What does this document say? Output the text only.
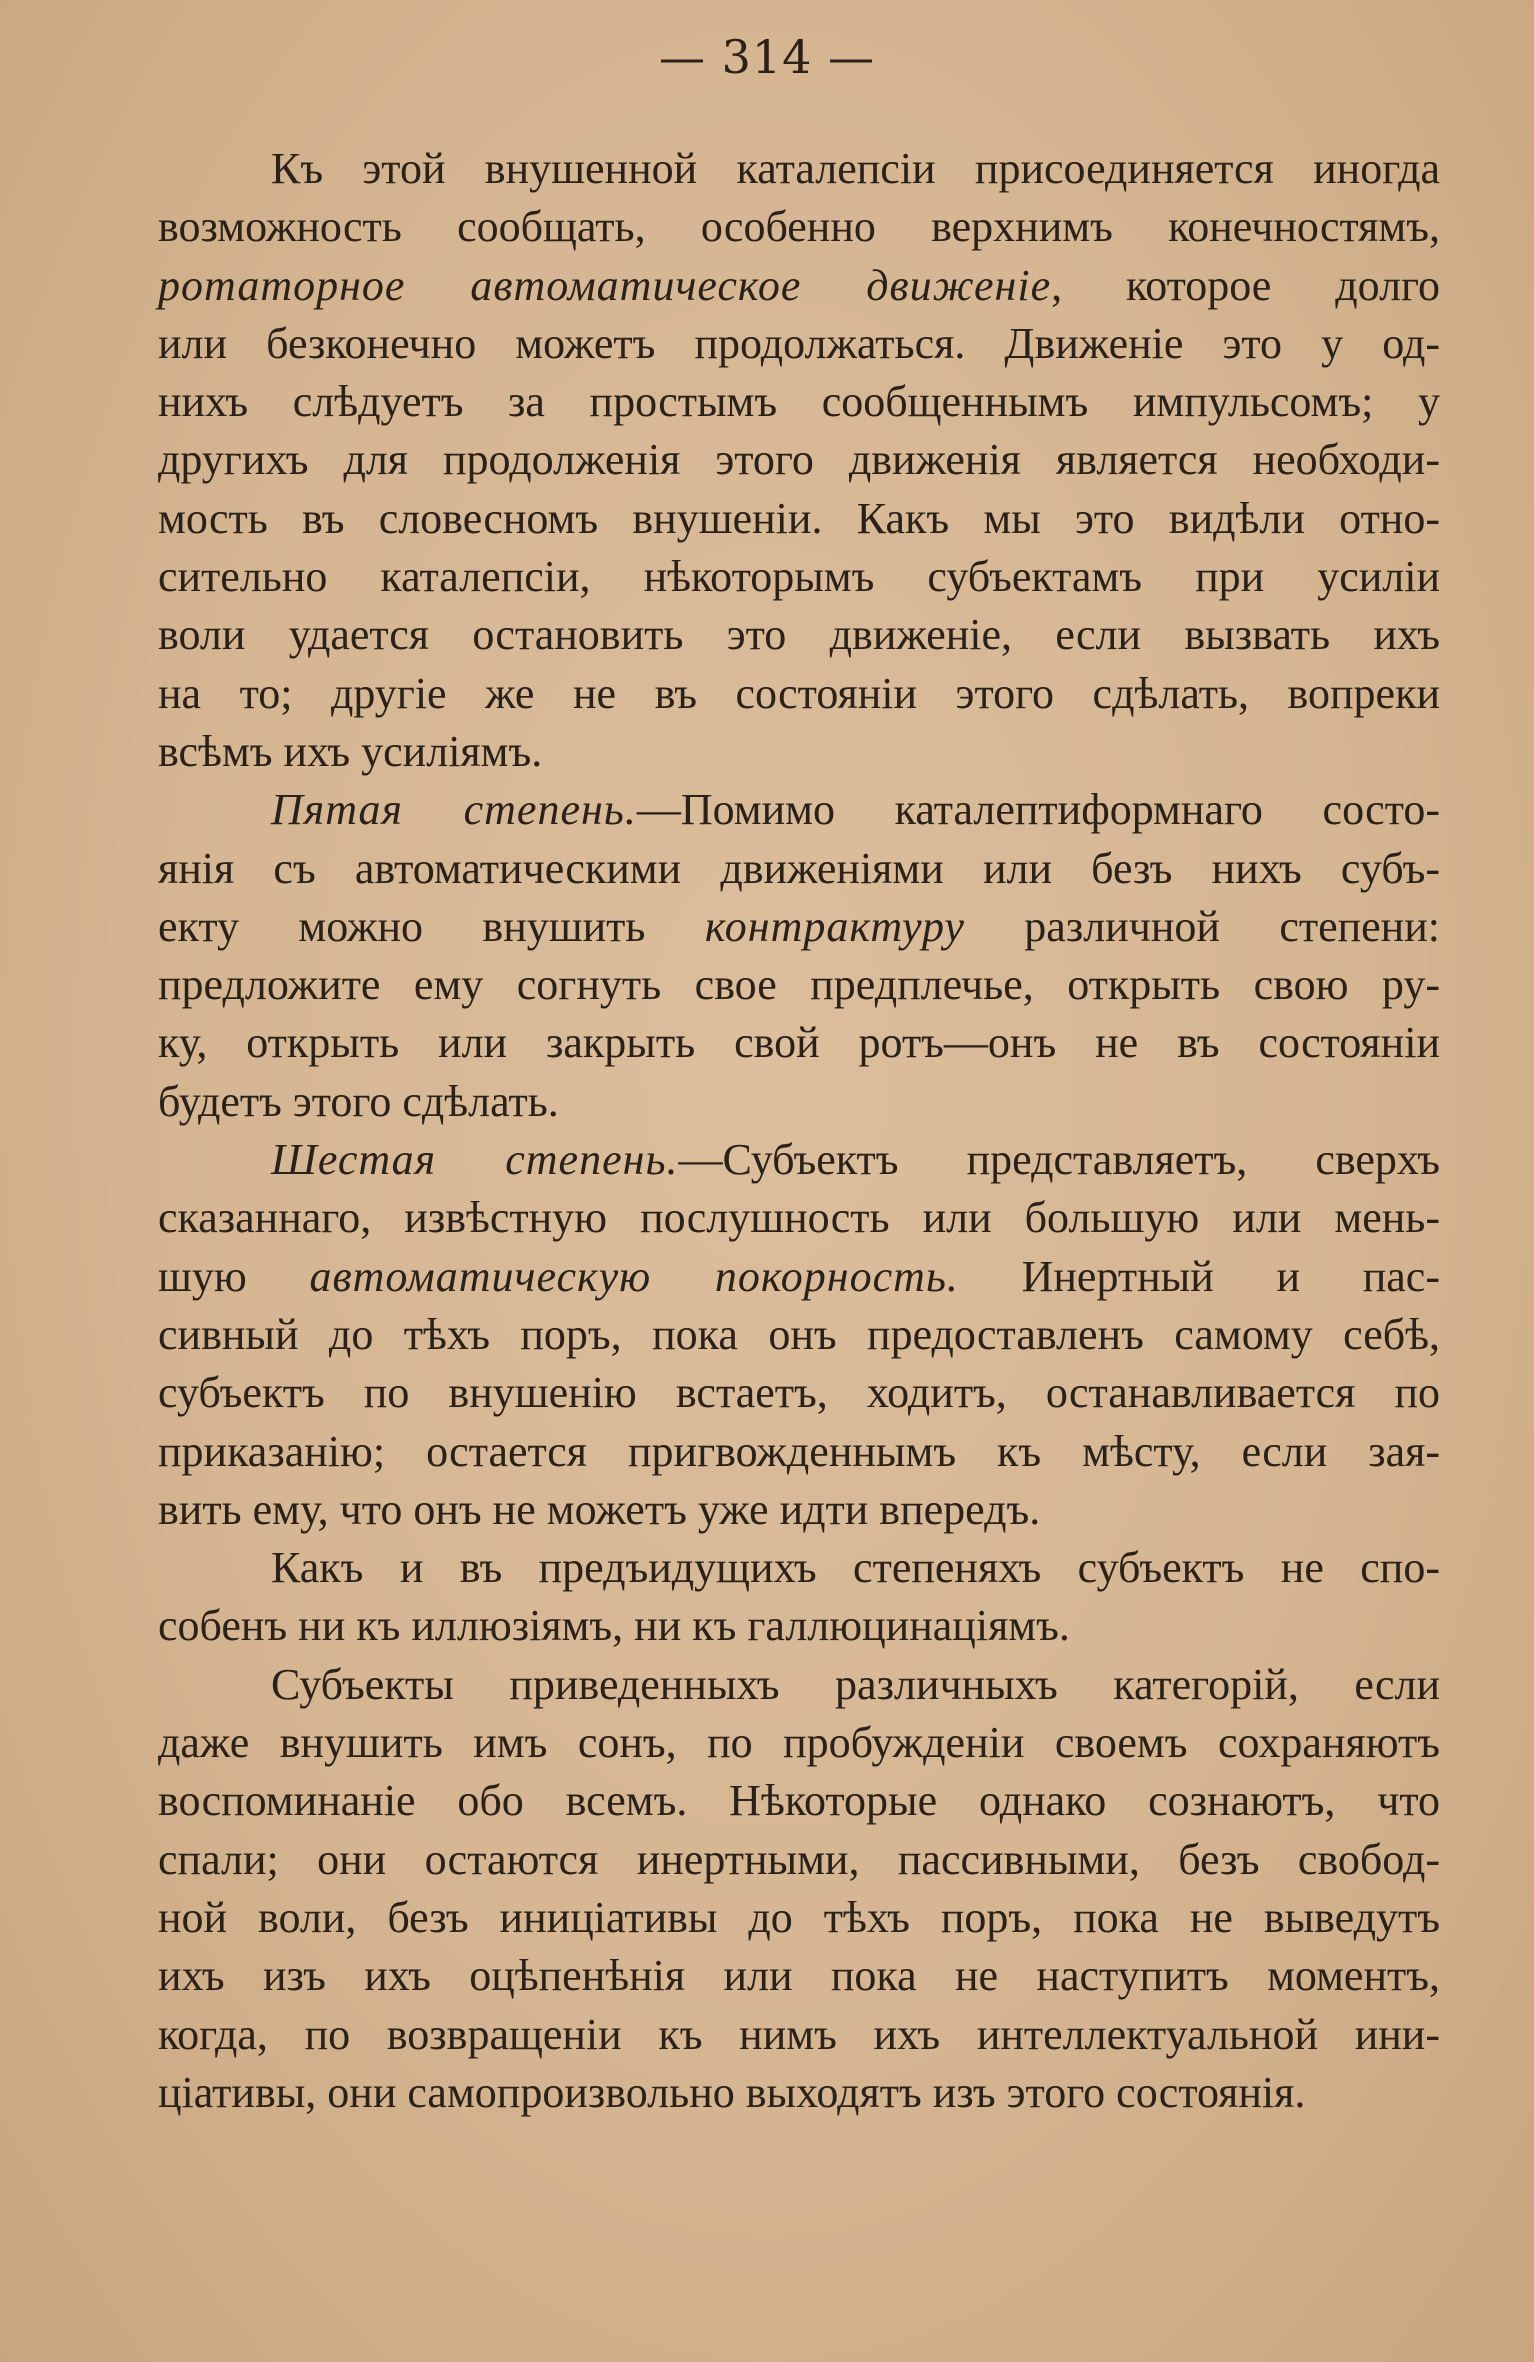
— 314 —
Къ этой внушенной каталепсіи присоединяется иногда
возможность сообщать, особенно верхнимъ конечностямъ,
ротаторное автоматическое движенiе, которое долго
или безконечно можетъ продолжаться. Движенiе это у од-
нихъ слѣдуетъ за простымъ сообщеннымъ импульсомъ; у
другихъ для продолженія этого движенія является необходи-
мость въ словесномъ внушеніи. Какъ мы это видѣли отно-
сительно каталепсіи, нѣкоторымъ субъектамъ при усиліи
воли удается остановить это движенiе, если вызвать ихъ
на то; другiе же не въ состояніи этого сдѣлать, вопреки
всѣмъ ихъ усиліямъ.
Пятая степень.—Помимо каталептиформнаго состо-
янія съ автоматическими движеніями или безъ нихъ субъ-
екту можно внушить контрактуру различной степени:
предложите ему согнуть свое предплечье, открыть свою ру-
ку, открыть или закрыть свой ротъ—онъ не въ состояніи
будетъ этого сдѣлать.
Шестая степень.—Субъектъ представляетъ, сверхъ
сказаннаго, извѣстную послушность или большую или мень-
шую автоматическую покорность. Инертный и пас-
сивный до тѣхъ поръ, пока онъ предоставленъ самому себѣ,
субъектъ по внушенію встаетъ, ходитъ, останавливается по
приказанію; остается пригвожденнымъ къ мѣсту, если зая-
вить ему, что онъ не можетъ уже идти впередъ.
Какъ и въ предъидущихъ степеняхъ субъектъ не спо-
собенъ ни къ иллюзіямъ, ни къ галлюцинаціямъ.
Субъекты приведенныхъ различныхъ категорій, если
даже внушить имъ сонъ, по пробужденіи своемъ сохраняютъ
воспоминаніе обо всемъ. Нѣкоторые однако сознаютъ, что
спали; они остаются инертными, пассивными, безъ свобод-
ной воли, безъ иниціативы до тѣхъ поръ, пока не выведутъ
ихъ изъ ихъ оцѣпенѣнія или пока не наступитъ моментъ,
когда, по возвращеніи къ нимъ ихъ интеллектуальной ини-
ціативы, они самопроизвольно выходятъ изъ этого состоянія.
